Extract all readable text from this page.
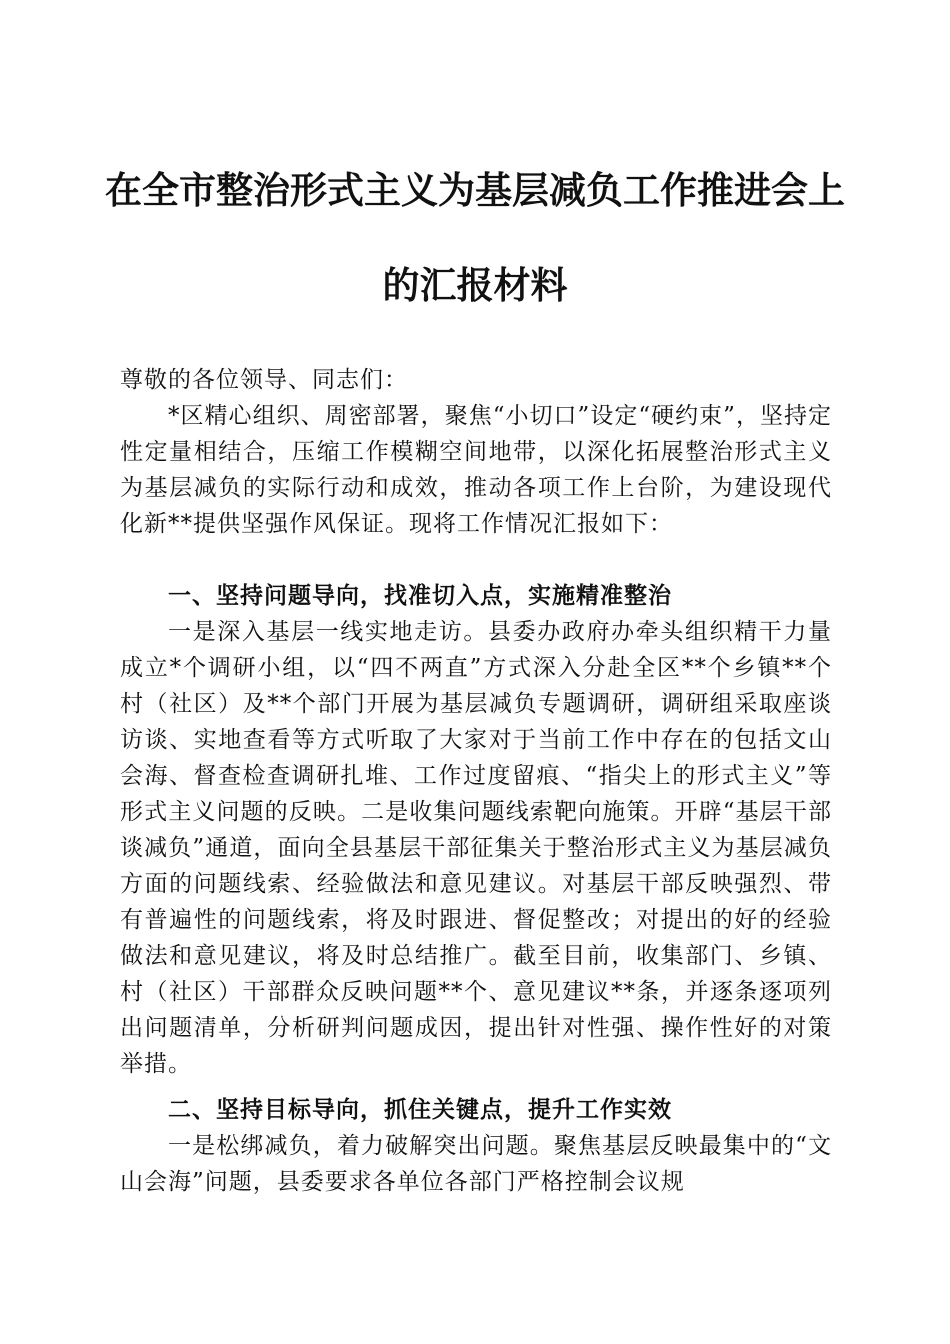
在全市整治形式主义为基层减负工作推进会上
的汇报材料

尊敬的各位领导、同志们：

*区精心组织、周密部署，聚焦“小切口”设定“硬约束”，坚持定性定量相结合，压缩工作模糊空间地带，以深化拓展整治形式主义为基层减负的实际行动和成效，推动各项工作上台阶，为建设现代化新**提供坚强作风保证。现将工作情况汇报如下：

一、坚持问题导向，找准切入点，实施精准整治

一是深入基层一线实地走访。县委办政府办牵头组织精干力量成立*个调研小组，以“四不两直”方式深入分赴全区**个乡镇**个村（社区）及**个部门开展为基层减负专题调研，调研组采取座谈访谈、实地查看等方式听取了大家对于当前工作中存在的包括文山会海、督查检查调研扎堆、工作过度留痕、“指尖上的形式主义”等形式主义问题的反映。二是收集问题线索靶向施策。开辟“基层干部谈减负”通道，面向全县基层干部征集关于整治形式主义为基层减负方面的问题线索、经验做法和意见建议。对基层干部反映强烈、带有普遍性的问题线索，将及时跟进、督促整改；对提出的好的经验做法和意见建议，将及时总结推广。截至目前，收集部门、乡镇、村（社区）干部群众反映问题**个、意见建议**条，并逐条逐项列出问题清单，分析研判问题成因，提出针对性强、操作性好的对策举措。

二、坚持目标导向，抓住关键点，提升工作实效

一是松绑减负，着力破解突出问题。聚焦基层反映最集中的“文山会海”问题，县委要求各单位各部门严格控制会议规
